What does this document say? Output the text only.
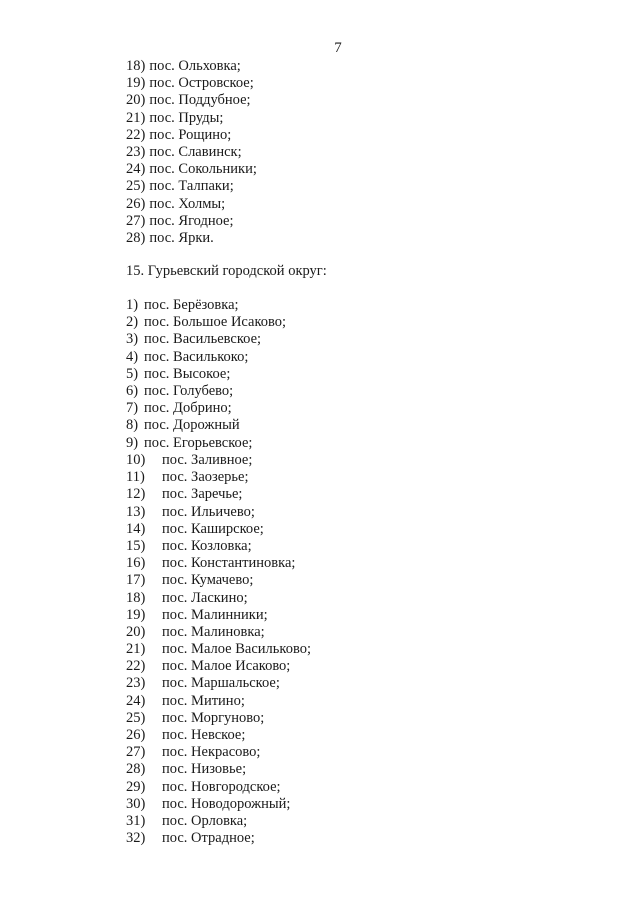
7
18) пос. Ольховка;
19) пос. Островское;
20) пос. Поддубное;
21) пос. Пруды;
22) пос. Рощино;
23) пос. Славинск;
24) пос. Сокольники;
25) пос. Талпаки;
26) пос. Холмы;
27) пос. Ягодное;
28) пос. Ярки.
15. Гурьевский городской округ:
1) пос. Берёзовка;
2) пос. Большое Исаково;
3) пос. Васильевское;
4) пос. Василькоко;
5) пос. Высокое;
6) пос. Голубево;
7) пос. Добрино;
8) пос. Дорожный
9) пос. Егорьевское;
10) пос. Заливное;
11) пос. Заозерье;
12) пос. Заречье;
13) пос. Ильичево;
14) пос. Каширское;
15) пос. Козловка;
16) пос. Константиновка;
17) пос. Кумачево;
18) пос. Ласкино;
19) пос. Малинники;
20) пос. Малиновка;
21) пос. Малое Васильково;
22) пос. Малое Исаково;
23) пос. Маршальское;
24) пос. Митино;
25) пос. Моргуново;
26) пос. Невское;
27) пос. Некрасово;
28) пос. Низовье;
29) пос. Новгородское;
30) пос. Новодорожный;
31) пос. Орловка;
32) пос. Отрадное;
